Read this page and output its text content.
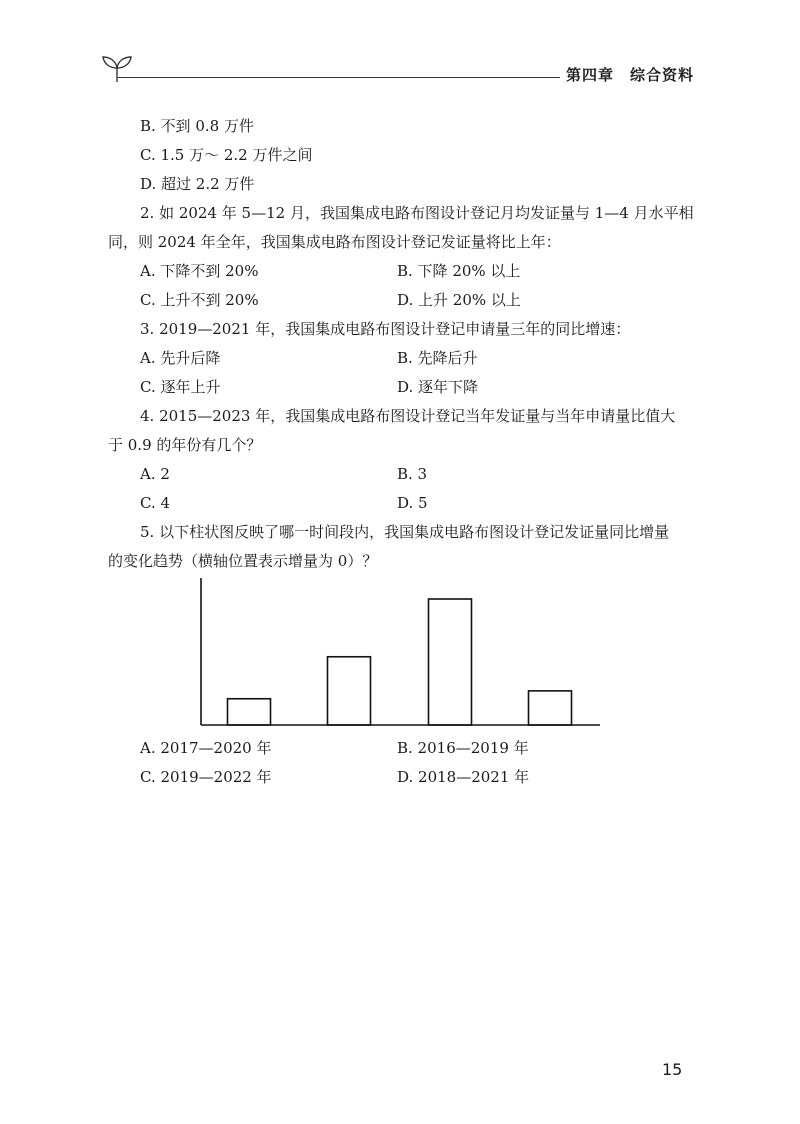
第四章 综合资料
B. 不到 0.8 万件
C. 1.5 万～ 2.2 万件之间
D. 超过 2.2 万件
2. 如 2024 年 5—12 月，我国集成电路布图设计登记月均发证量与 1—4 月水平相
同，则 2024 年全年，我国集成电路布图设计登记发证量将比上年：
A. 下降不到 20%	B. 下降 20% 以上
C. 上升不到 20%	D. 上升 20% 以上
3. 2019—2021 年，我国集成电路布图设计登记申请量三年的同比增速：
A. 先升后降	B. 先降后升
C. 逐年上升	D. 逐年下降
4. 2015—2023 年，我国集成电路布图设计登记当年发证量与当年申请量比值大
于 0.9 的年份有几个？
A. 2	B. 3
C. 4	D. 5
5. 以下柱状图反映了哪一时间段内，我国集成电路布图设计登记发证量同比增量
的变化趋势（横轴位置表示增量为 0）？
A. 2017—2020 年	B. 2016—2019 年
C. 2019—2022 年	D. 2018—2021 年
15
